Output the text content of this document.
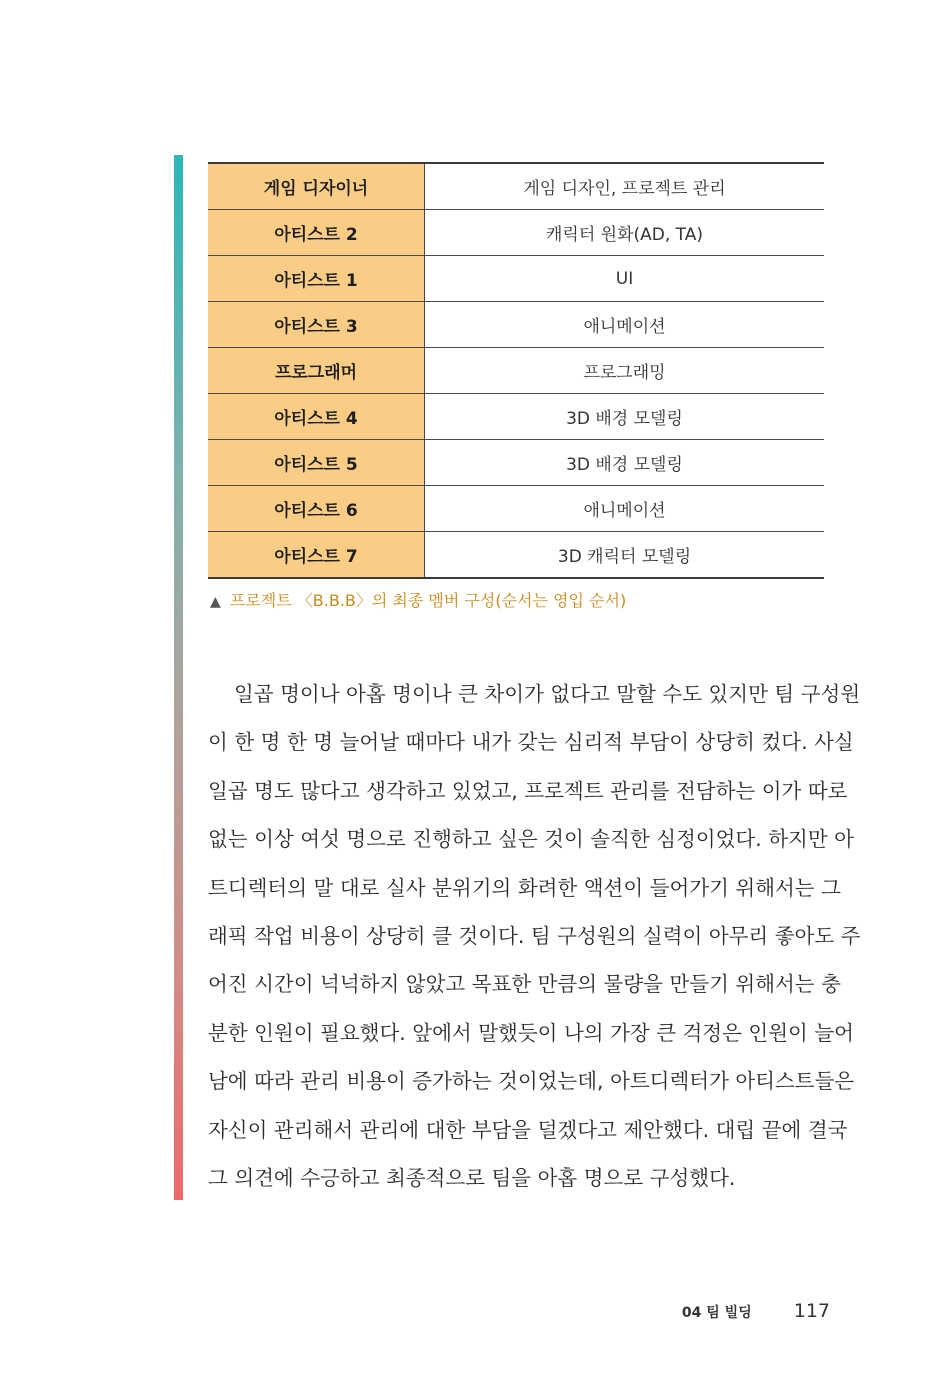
게임 디자이너	게임 디자인, 프로젝트 관리
아티스트 2	캐릭터 원화(AD, TA)
아티스트 1	UI
아티스트 3	애니메이션
프로그래머	프로그래밍
아티스트 4	3D 배경 모델링
아티스트 5	3D 배경 모델링
아티스트 6	애니메이션
아티스트 7	3D 캐릭터 모델링
▲ 프로젝트 〈B.B.B〉의 최종 멤버 구성(순서는 영입 순서)
일곱 명이나 아홉 명이나 큰 차이가 없다고 말할 수도 있지만 팀 구성원
이 한 명 한 명 늘어날 때마다 내가 갖는 심리적 부담이 상당히 컸다. 사실
일곱 명도 많다고 생각하고 있었고, 프로젝트 관리를 전담하는 이가 따로
없는 이상 여섯 명으로 진행하고 싶은 것이 솔직한 심정이었다. 하지만 아
트디렉터의 말 대로 실사 분위기의 화려한 액션이 들어가기 위해서는 그
래픽 작업 비용이 상당히 클 것이다. 팀 구성원의 실력이 아무리 좋아도 주
어진 시간이 넉넉하지 않았고 목표한 만큼의 물량을 만들기 위해서는 충
분한 인원이 필요했다. 앞에서 말했듯이 나의 가장 큰 걱정은 인원이 늘어
남에 따라 관리 비용이 증가하는 것이었는데, 아트디렉터가 아티스트들은
자신이 관리해서 관리에 대한 부담을 덜겠다고 제안했다. 대립 끝에 결국
그 의견에 수긍하고 최종적으로 팀을 아홉 명으로 구성했다.
04 팀 빌딩 117
